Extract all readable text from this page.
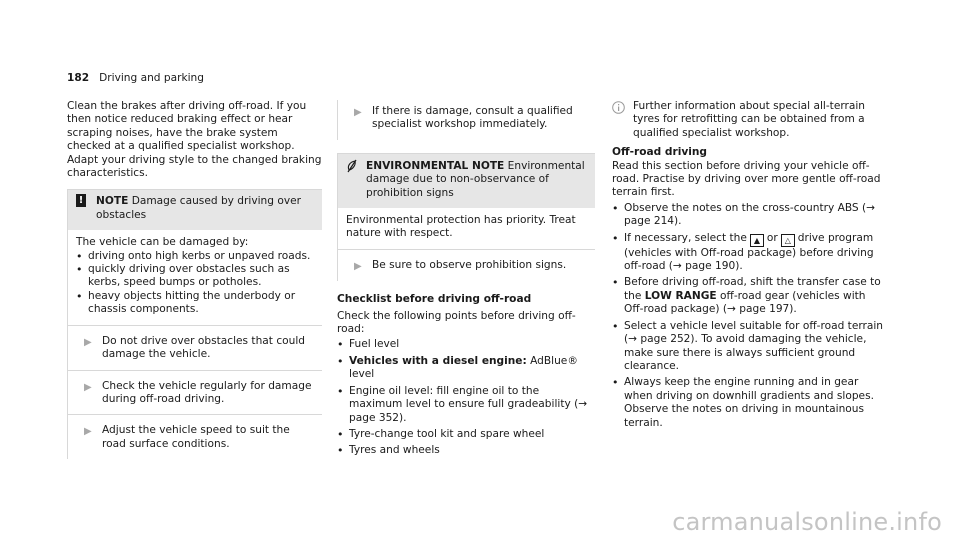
182 Driving and parking

Clean the brakes after driving off-road. If you then notice reduced braking effect or hear scraping noises, have the brake system checked at a qualified specialist workshop. Adapt your driving style to the changed braking characteristics.

!	NOTE Damage caused by driving over obstacles

The vehicle can be damaged by:

• driving onto high kerbs or unpaved roads.
• quickly driving over obstacles such as kerbs, speed bumps or potholes.
• heavy objects hitting the underbody or chassis components.
▶ Do not drive over obstacles that could damage the vehicle.
▶ Check the vehicle regularly for damage during off-road driving.
▶ Adjust the vehicle speed to suit the road surface conditions.
▶ If there is damage, consult a qualified specialist workshop immediately.
ENVIRONMENTAL NOTE Environmental damage due to non-observance of prohibition signs

Environmental protection has priority. Treat nature with respect.

▶ Be sure to observe prohibition signs.

Checklist before driving off-road

Check the following points before driving off-road:

• Fuel level
• Vehicles with a diesel engine: AdBlue® level
• Engine oil level: fill engine oil to the maximum level to ensure full gradeability (→ page 352).
• Tyre-change tool kit and spare wheel
• Tyres and wheels

Further information about special all-terrain tyres for retrofitting can be obtained from a qualified specialist workshop.

Off-road driving

Read this section before driving your vehicle off-road. Practise by driving over more gentle off-road terrain first.

• Observe the notes on the cross-country ABS (→ page 214).
• If necessary, select the ▲ or △ drive program (vehicles with Off-road package) before driving off-road (→ page 190).
• Before driving off-road, shift the transfer case to the LOW RANGE off-road gear (vehicles with Off-road package) (→ page 197).
• Select a vehicle level suitable for off-road terrain (→ page 252). To avoid damaging the vehicle, make sure there is always sufficient ground clearance.
• Always keep the engine running and in gear when driving on downhill gradients and slopes. Observe the notes on driving in mountainous terrain.
carmanualsonline.info
